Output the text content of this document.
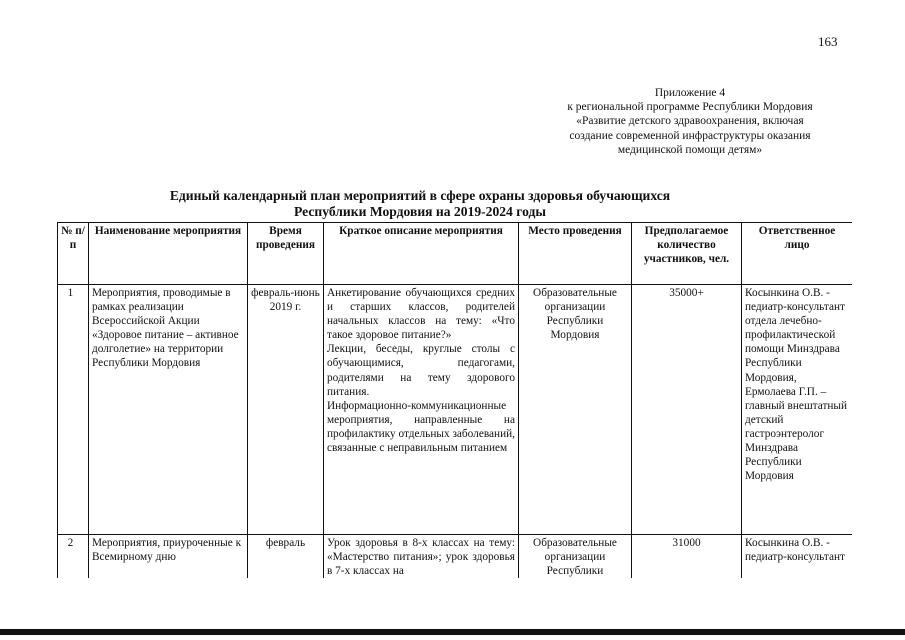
163
Приложение 4
к региональной программе Республики Мордовия
«Развитие детского здравоохранения, включая
создание современной инфраструктуры оказания
медицинской помощи детям»
Единый календарный план мероприятий в сфере охраны здоровья обучающихся
Республики Мордовия на 2019-2024 годы
№ п/п	Наименование мероприятия	Время проведения	Краткое описание мероприятия	Место проведения	Предполагаемое количество участников, чел.	Ответственное лицо
1	Мероприятия, проводимые в рамках реализации Всероссийской Акции «Здоровое питание – активное долголетие» на территории Республики Мордовия	февраль-июнь 2019 г.	Анкетирование обучающихся средних и старших классов, родителей начальных классов на тему: «Что такое здоровое питание?»

Лекции, беседы, круглые столы с обучающимися, педагогами, родителями на тему здорового питания.

Информационно-коммуникационные мероприятия, направленные на профилактику отдельных заболеваний, связанные с неправильным питанием	Образовательные организации Республики Мордовия	35000+	Косынкина О.В. - педиатр-консультант отдела лечебно-профилактической помощи Минздрава Республики Мордовия, Ермолаева Г.П. – главный внештатный детский гастроэнтеролог Минздрава Республики Мордовия
2	Мероприятия, приуроченные к Всемирному дню	февраль	Урок здоровья в 8-х классах на тему: «Мастерство питания»; урок здоровья в 7-х классах на	Образовательные организации Республики	31000	Косынкина О.В. - педиатр-консультант
